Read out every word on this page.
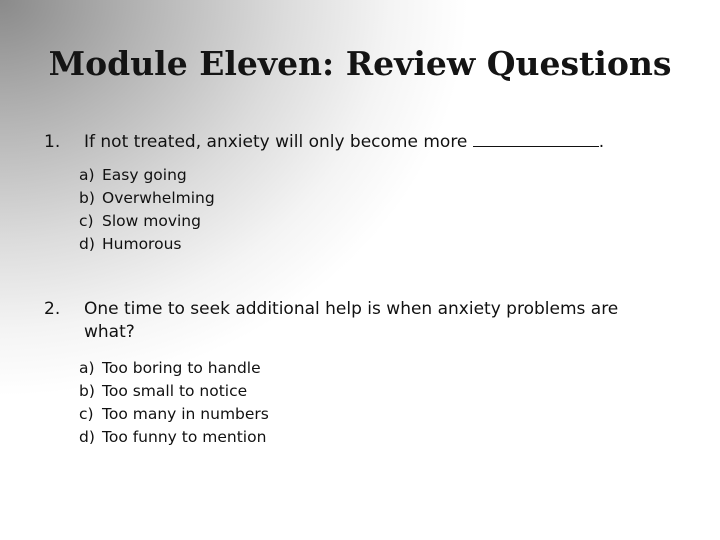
Module Eleven: Review Questions
1.	If not treated, anxiety will only become more	.
a) Easy going
b) Overwhelming
c) Slow moving
d) Humorous
2.	One time to seek additional help is when anxiety problems are what?
a) Too boring to handle
b) Too small to notice
c) Too many in numbers
d) Too funny to mention
